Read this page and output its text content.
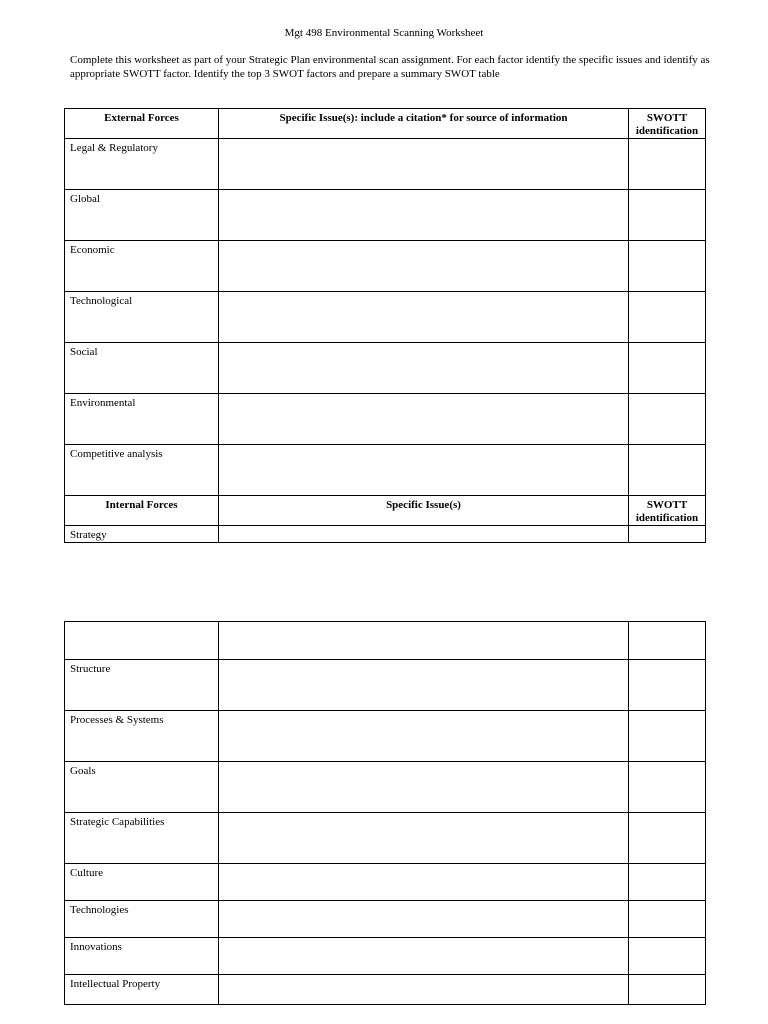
Mgt 498 Environmental Scanning Worksheet
Complete this worksheet as part of your Strategic Plan environmental scan assignment. For each factor identify the specific issues and identify as appropriate SWOTT factor. Identify the top 3 SWOT factors and prepare a summary SWOT table
External Forces	Specific Issue(s): include a citation* for source of information	SWOTT identification
Legal & Regulatory		
Global		
Economic		
Technological		
Social		
Environmental		
Competitive analysis		
Internal Forces	Specific Issue(s)	SWOTT identification
Strategy		

Structure		
Processes & Systems		
Goals		
Strategic Capabilities		
Culture		
Technologies		
Innovations		
Intellectual Property		
